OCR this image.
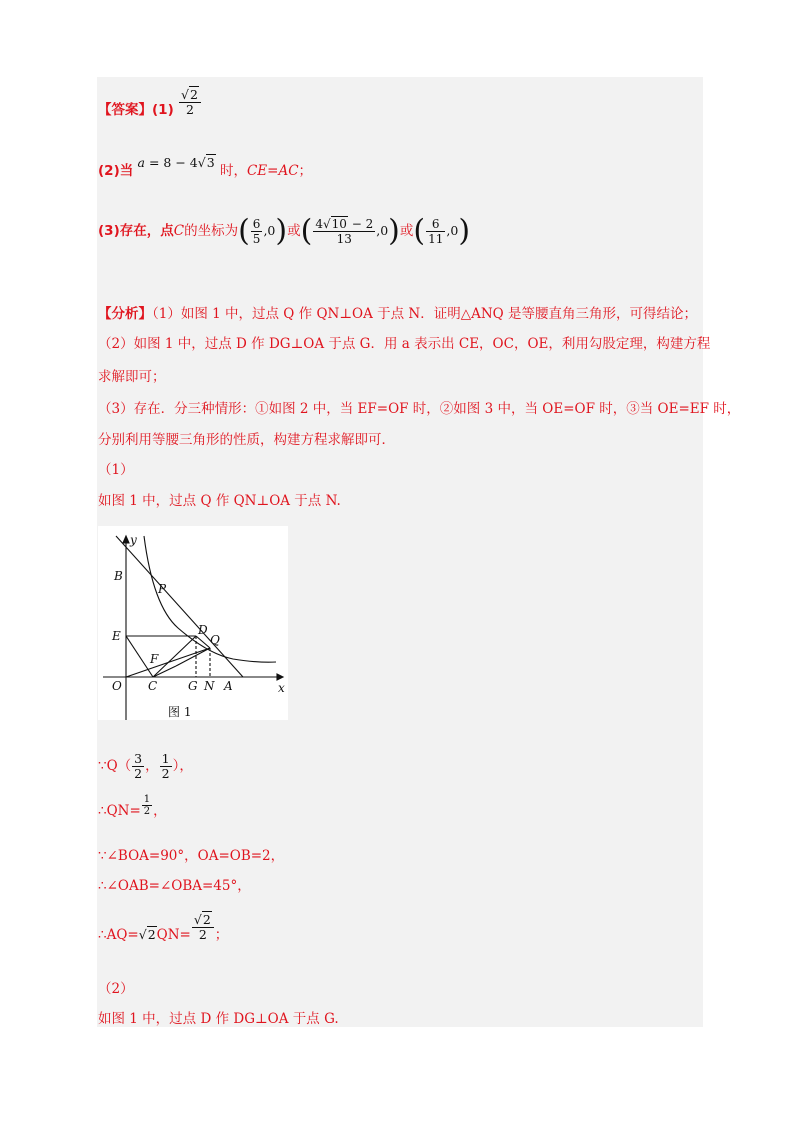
【答案】$(1) \frac{√2}{2}$
(2)当 a = 8 − 4√3 时，CE=AC；
(3)存在，点C的坐标为( $\frac{6}{5} ,0$)或( $\frac{4√10 - 2}{13} ,0$)或( $\frac{6}{11} ,0$)
【分析】（1）如图 1 中，过点 Q 作 QN⊥OA 于点 N．证明△ANQ 是等腰直角三角形，可得结论；
（2）如图 1 中，过点 D 作 DG⊥OA 于点 G．用 a 表示出 CE，OC，OE，利用勾股定理，构建方程
求解即可；
（3）存在．分三种情形：①如图 2 中，当 EF=OF 时，②如图 3 中，当 OE=OF 时，③当 OE=EF 时，
分别利用等腰三角形的性质，构建方程求解即可．
（1）
如图 1 中，过点 Q 作 QN⊥OA 于点 N.
y
x
B
P
E	D
Q
F
O C	G N A
图 1
∵Q（ $\frac{3}{2}$ ， $\frac{1}{2}$ ），
∴QN= $\frac{1}{2}$ ，
∵∠BOA=90°，OA=OB=2，
∴∠OAB=∠OBA=45°，
∴AQ=√2QN= $\frac{√2}{2}$ ；
（2）
如图 1 中，过点 D 作 DG⊥OA 于点 G.
